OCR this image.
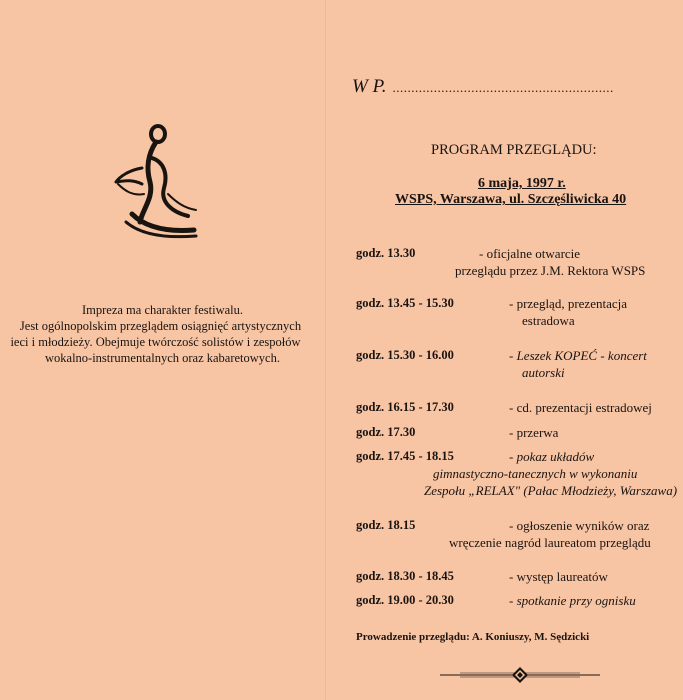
Impreza ma charakter festiwalu.
Jest ogólnopolskim przeglądem osiągnięć artystycznych
ieci i młodzieży. Obejmuje twórczość solistów i zespołów
wokalno-instrumentalnych oraz kabaretowych.
W P. ...........................................................
PROGRAM PRZEGLĄDU:
6 maja, 1997 r.
WSPS, Warszawa, ul. Szczęśliwicka 40
godz. 13.30	- oficjalne otwarcie
przeglądu przez J.M. Rektora WSPS
godz. 13.45 - 15.30	- przegląd, prezentacja
estradowa
godz. 15.30 - 16.00	- Leszek KOPEĆ - koncert
autorski
godz. 16.15 - 17.30	- cd. prezentacji estradowej
godz. 17.30	- przerwa
godz. 17.45 - 18.15	- pokaz układów
gimnastyczno-tanecznych w wykonaniu
Zespołu „RELAX" (Pałac Młodzieży, Warszawa)
godz. 18.15	- ogłoszenie wyników oraz
wręczenie nagród laureatom przeglądu
godz. 18.30 - 18.45	- występ laureatów
godz. 19.00 - 20.30	- spotkanie przy ognisku
Prowadzenie przeglądu: A. Koniuszy, M. Sędzicki
